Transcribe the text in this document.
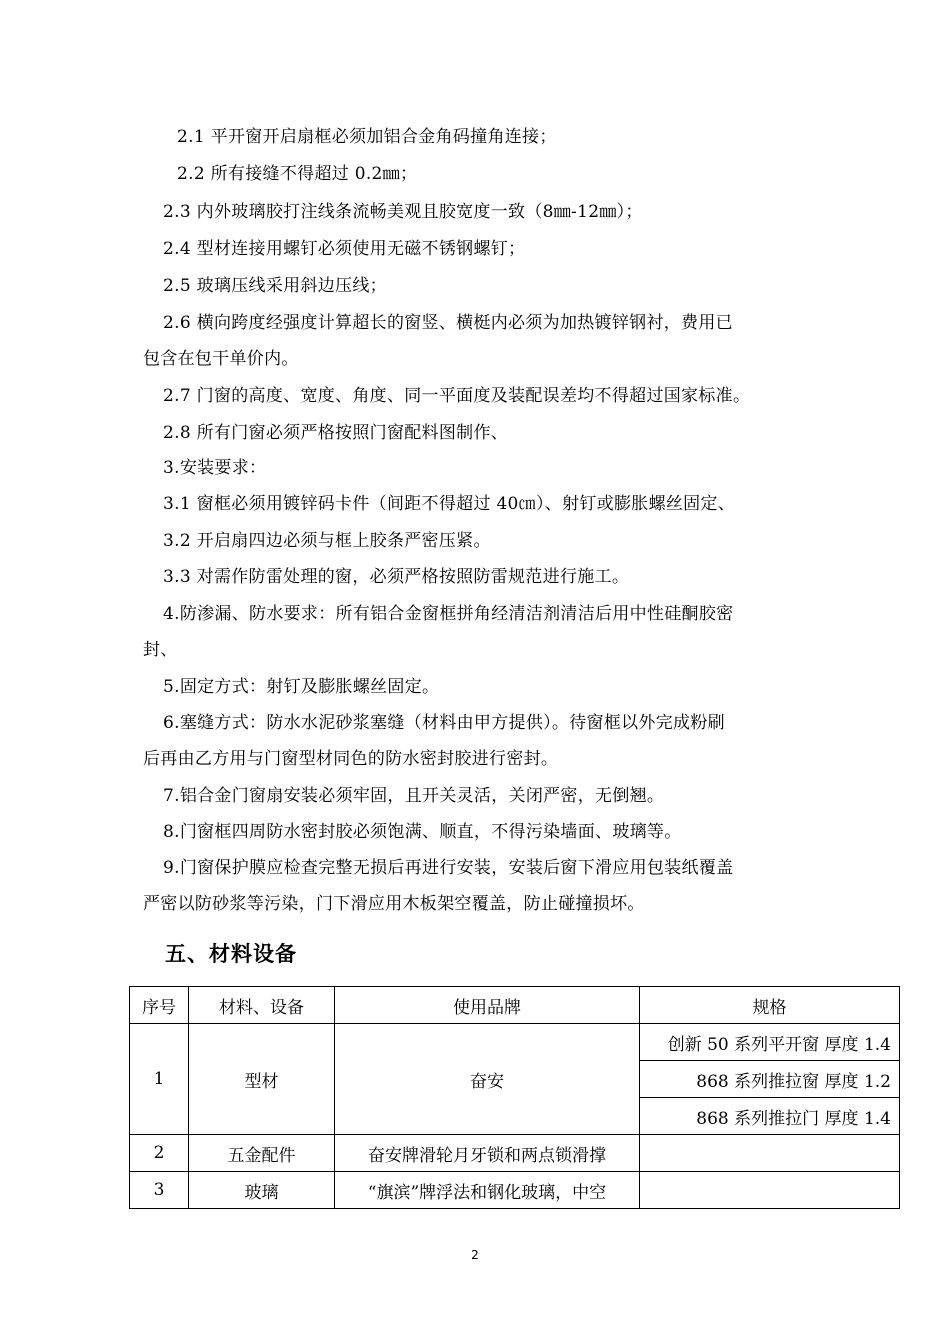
2.1 平开窗开启扇框必须加铝合金角码撞角连接；
2.2 所有接缝不得超过 0.2㎜；
2.3 内外玻璃胶打注线条流畅美观且胶宽度一致（8㎜-12㎜）；
2.4 型材连接用螺钉必须使用无磁不锈钢螺钉；
2.5 玻璃压线采用斜边压线；
2.6 横向跨度经强度计算超长的窗竖、横梃内必须为加热镀锌钢衬，费用已
包含在包干单价内。
2.7 门窗的高度、宽度、角度、同一平面度及装配误差均不得超过国家标准。
2.8 所有门窗必须严格按照门窗配料图制作、
3.安装要求：
3.1 窗框必须用镀锌码卡件（间距不得超过 40㎝）、射钉或膨胀螺丝固定、
3.2 开启扇四边必须与框上胶条严密压紧。
3.3 对需作防雷处理的窗，必须严格按照防雷规范进行施工。
4.防渗漏、防水要求：所有铝合金窗框拼角经清洁剂清洁后用中性硅酮胶密
封、
5.固定方式：射钉及膨胀螺丝固定。
6.塞缝方式：防水水泥砂浆塞缝（材料由甲方提供）。待窗框以外完成粉刷
后再由乙方用与门窗型材同色的防水密封胶进行密封。
7.铝合金门窗扇安装必须牢固，且开关灵活，关闭严密，无倒翘。
8.门窗框四周防水密封胶必须饱满、顺直，不得污染墙面、玻璃等。
9.门窗保护膜应检查完整无损后再进行安装，安装后窗下滑应用包装纸覆盖
严密以防砂浆等污染，门下滑应用木板架空覆盖，防止碰撞损坏。
五、材料设备
序号	材料、设备	使用品牌	规格
1	型材	奋安	创新 50 系列平开窗 厚度 1.4
			868 系列推拉窗 厚度 1.2
			868 系列推拉门 厚度 1.4
2	五金配件	奋安牌滑轮月牙锁和两点锁滑撑	
3	玻璃	“旗滨”牌浮法和钢化玻璃，中空	
2
